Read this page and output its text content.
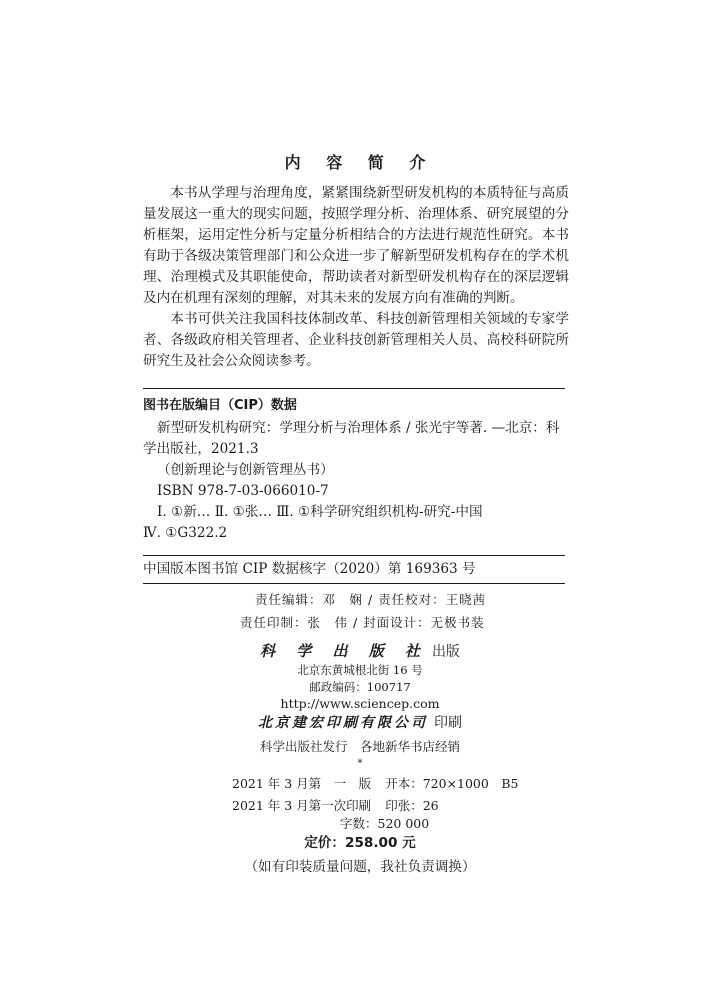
内 容 简 介

本书从学理与治理角度，紧紧围绕新型研发机构的本质特征与高质量发展这一重大的现实问题，按照学理分析、治理体系、研究展望的分析框架，运用定性分析与定量分析相结合的方法进行规范性研究。本书有助于各级决策管理部门和公众进一步了解新型研发机构存在的学术机理、治理模式及其职能使命，帮助读者对新型研发机构存在的深层逻辑及内在机理有深刻的理解，对其未来的发展方向有准确的判断。

本书可供关注我国科技体制改革、科技创新管理相关领域的专家学者、各级政府相关管理者、企业科技创新管理相关人员、高校科研院所研究生及社会公众阅读参考。

图书在版编目（CIP）数据
新型研发机构研究：学理分析与治理体系 / 张光宇等著. —北京：科
学出版社，2021.3
（创新理论与创新管理丛书）
ISBN 978-7-03-066010-7
Ⅰ. ①新… Ⅱ. ①张… Ⅲ. ①科学研究组织机构-研究-中国
Ⅳ. ①G322.2
中国版本图书馆 CIP 数据核字（2020）第 169363 号
责任编辑：邓　娴 / 责任校对：王晓茜
责任印制：张　伟 / 封面设计：无极书装
科 学 出 版 社 出版
北京东黄城根北街 16 号
邮政编码：100717
http://www.sciencep.com
北京建宏印刷有限公司 印刷
科学出版社发行　各地新华书店经销
*
2021 年 3 月第　一　版 开本：720×1000　B5
2021 年 3 月第一次印刷 印张：26
字数：520 000
定价：258.00 元
（如有印装质量问题，我社负责调换）
